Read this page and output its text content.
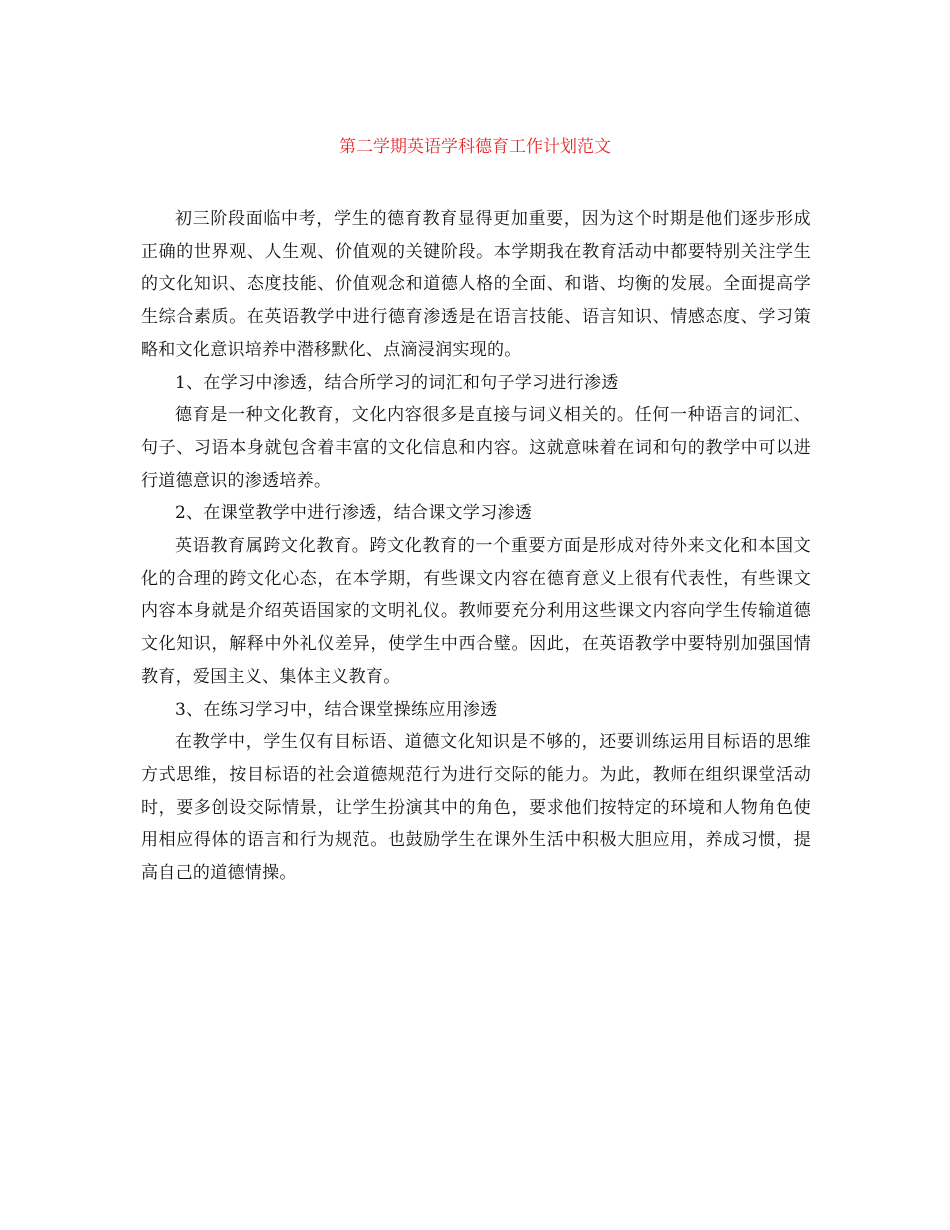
第二学期英语学科德育工作计划范文

初三阶段面临中考，学生的德育教育显得更加重要，因为这个时期是他们逐步形成正确的世界观、人生观、价值观的关键阶段。本学期我在教育活动中都要特别关注学生的文化知识、态度技能、价值观念和道德人格的全面、和谐、均衡的发展。全面提高学生综合素质。在英语教学中进行德育渗透是在语言技能、语言知识、情感态度、学习策略和文化意识培养中潜移默化、点滴浸润实现的。

1、在学习中渗透，结合所学习的词汇和句子学习进行渗透

德育是一种文化教育，文化内容很多是直接与词义相关的。任何一种语言的词汇、句子、习语本身就包含着丰富的文化信息和内容。这就意味着在词和句的教学中可以进行道德意识的渗透培养。

2、在课堂教学中进行渗透，结合课文学习渗透

英语教育属跨文化教育。跨文化教育的一个重要方面是形成对待外来文化和本国文化的合理的跨文化心态，在本学期，有些课文内容在德育意义上很有代表性，有些课文内容本身就是介绍英语国家的文明礼仪。教师要充分利用这些课文内容向学生传输道德文化知识，解释中外礼仪差异，使学生中西合璧。因此，在英语教学中要特别加强国情教育，爱国主义、集体主义教育。

3、在练习学习中，结合课堂操练应用渗透

在教学中，学生仅有目标语、道德文化知识是不够的，还要训练运用目标语的思维方式思维，按目标语的社会道德规范行为进行交际的能力。为此，教师在组织课堂活动时，要多创设交际情景，让学生扮演其中的角色，要求他们按特定的环境和人物角色使用相应得体的语言和行为规范。也鼓励学生在课外生活中积极大胆应用，养成习惯，提高自己的道德情操。
